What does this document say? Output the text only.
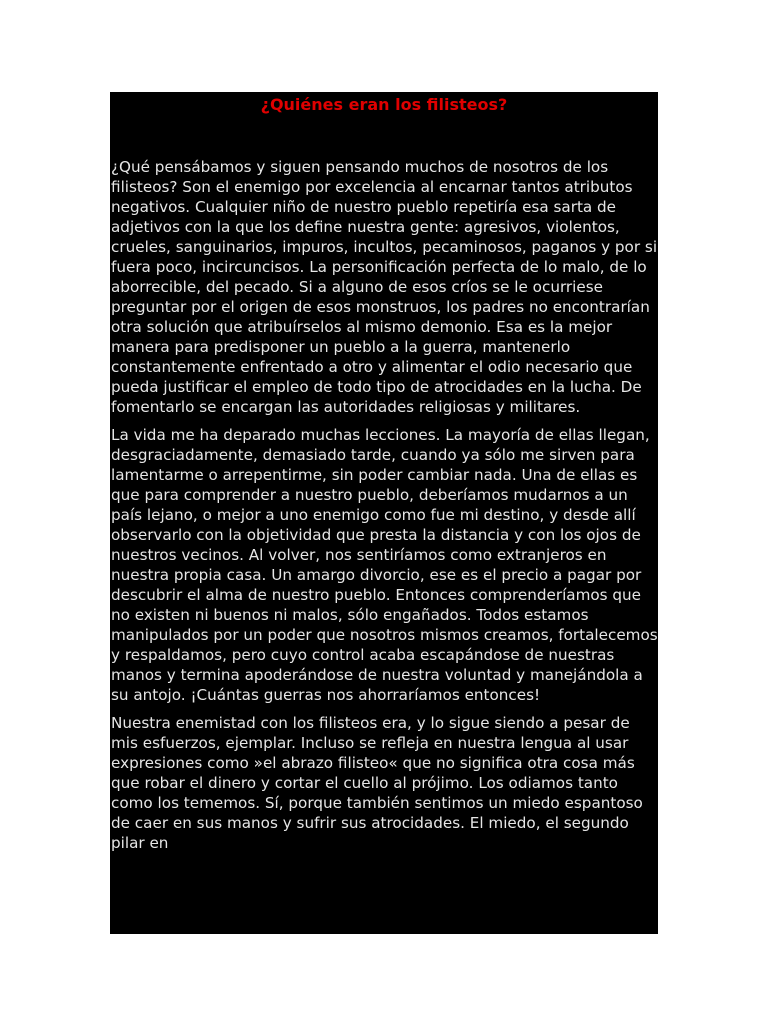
¿Quiénes eran los filisteos?

¿Qué pensábamos y siguen pensando muchos de nosotros de los filisteos? Son el enemigo por excelencia al encarnar tantos atributos negativos. Cualquier niño de nuestro pueblo repetiría esa sarta de adjetivos con la que los define nuestra gente: agresivos, violentos, crueles, sanguinarios, impuros, incultos, pecaminosos, paganos y por si fuera poco, incircuncisos. La personificación perfecta de lo malo, de lo aborrecible, del pecado. Si a alguno de esos críos se le ocurriese preguntar por el origen de esos monstruos, los padres no encontrarían otra solución que atribuírselos al mismo demonio. Esa es la mejor manera para predisponer un pueblo a la guerra, mantenerlo constantemente enfrentado a otro y alimentar el odio necesario que pueda justificar el empleo de todo tipo de atrocidades en la lucha. De fomentarlo se encargan las autoridades religiosas y militares.

La vida me ha deparado muchas lecciones. La mayoría de ellas llegan, desgraciadamente, demasiado tarde, cuando ya sólo me sirven para lamentarme o arrepentirme, sin poder cambiar nada. Una de ellas es que para comprender a nuestro pueblo, deberíamos mudarnos a un país lejano, o mejor a uno enemigo como fue mi destino, y desde allí observarlo con la objetividad que presta la distancia y con los ojos de nuestros vecinos. Al volver, nos sentiríamos como extranjeros en nuestra propia casa. Un amargo divorcio, ese es el precio a pagar por descubrir el alma de nuestro pueblo. Entonces comprenderíamos que no existen ni buenos ni malos, sólo engañados. Todos estamos manipulados por un poder que nosotros mismos creamos, fortalecemos y respaldamos, pero cuyo control acaba escapándose de nuestras manos y termina apoderándose de nuestra voluntad y manejándola a su antojo. ¡Cuántas guerras nos ahorraríamos entonces!

Nuestra enemistad con los filisteos era, y lo sigue siendo a pesar de mis esfuerzos, ejemplar. Incluso se refleja en nuestra lengua al usar expresiones como »el abrazo filisteo« que no significa otra cosa más que robar el dinero y cortar el cuello al prójimo. Los odiamos tanto como los tememos. Sí, porque también sentimos un miedo espantoso de caer en sus manos y sufrir sus atrocidades. El miedo, el segundo pilar en
